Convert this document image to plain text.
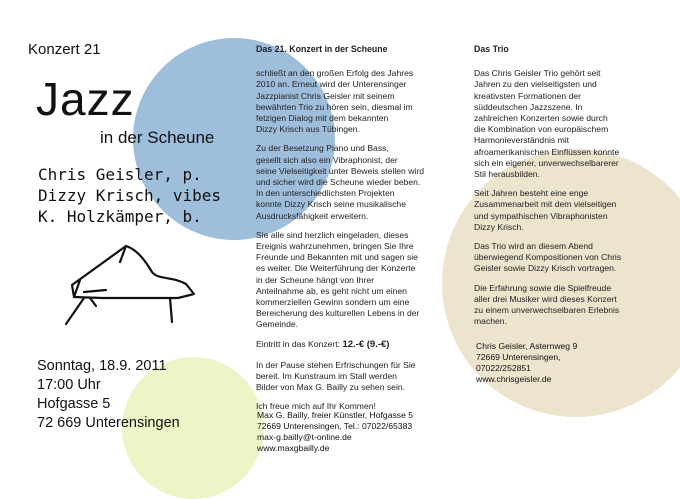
Konzert 21
Jazz
in der Scheune
Chris Geisler, p.
Dizzy Krisch, vibes
K. Holzkämper, b.
Sonntag, 18.9. 2011
17:00 Uhr
Hofgasse 5
72 669 Unterensingen
Das 21. Konzert in der Scheune

schließt an den großen Erfolg des Jahres
2010 an. Erneut wird der Unterensinger
Jazzpianist Chris Geisler mit seinem
bewährten Trio zu hören sein, diesmal im
fetzigen Dialog mit dem bekannten
Dizzy Krisch aus Tübingen.

Zu der Besetzung Piano und Bass,
gesellt sich also ein Vibraphonist, der
seine Vielseitigkeit unter Beweis stellen wird
und sicher wird die Scheune wieder beben.
In den unterschiedlichsten Projekten
konnte Dizzy Krisch seine musikalische
Ausdrucksfähigkeit erweitern.

Sie alle sind herzlich eingeladen, dieses
Ereignis wahrzunehmen, bringen Sie Ihre
Freunde und Bekannten mit und sagen sie
es weiter. Die Weiterführung der Konzerte
in der Scheune hängt von Ihrer
Anteilnahme ab, es geht nicht um einen
kommerziellen Gewinn sondern um eine
Bereicherung des kulturellen Lebens in der
Gemeinde.

Eintritt in das Konzert: 12.-€ (9.-€)

In der Pause stehen Erfrischungen für Sie
bereit. Im Kunstraum im Stall werden
Bilder von Max G. Bailly zu sehen sein.

Ich freue mich auf Ihr Kommen!

Max G. Bailly, freier Künstler, Hofgasse 5
72669 Unterensingen, Tel.: 07022/65383
max-g.bailly@t-online.de
www.maxgbailly.de
Das Trio

Das Chris Geisler Trio gehört seit
Jahren zu den vielseitigsten und
kreativsten Formationen der
süddeutschen Jazzszene. In
zahlreichen Konzerten sowie durch
die Kombination von europäischem
Harmonieverständnis mit
afroamerikanischen Einflüssen konnte
sich ein eigener, unverwechselbarerer
Stil herausbilden.

Seit Jahren besteht eine enge
Zusammenarbeit mit dem vielseitigen
und sympathischen Vibraphonisten
Dizzy Krisch.

Das Trio wird an diesem Abend
überwiegend Kompositionen von Chris
Geisler sowie Dizzy Krisch vortragen.

Die Erfahrung sowie die Spielfreude
aller drei Musiker wird dieses Konzert
zu einem unverwechselbaren Erlebnis
machen.

Chris Geisler, Asternweg 9
72669 Unterensingen,
07022/252851
www.chrisgeisler.de
